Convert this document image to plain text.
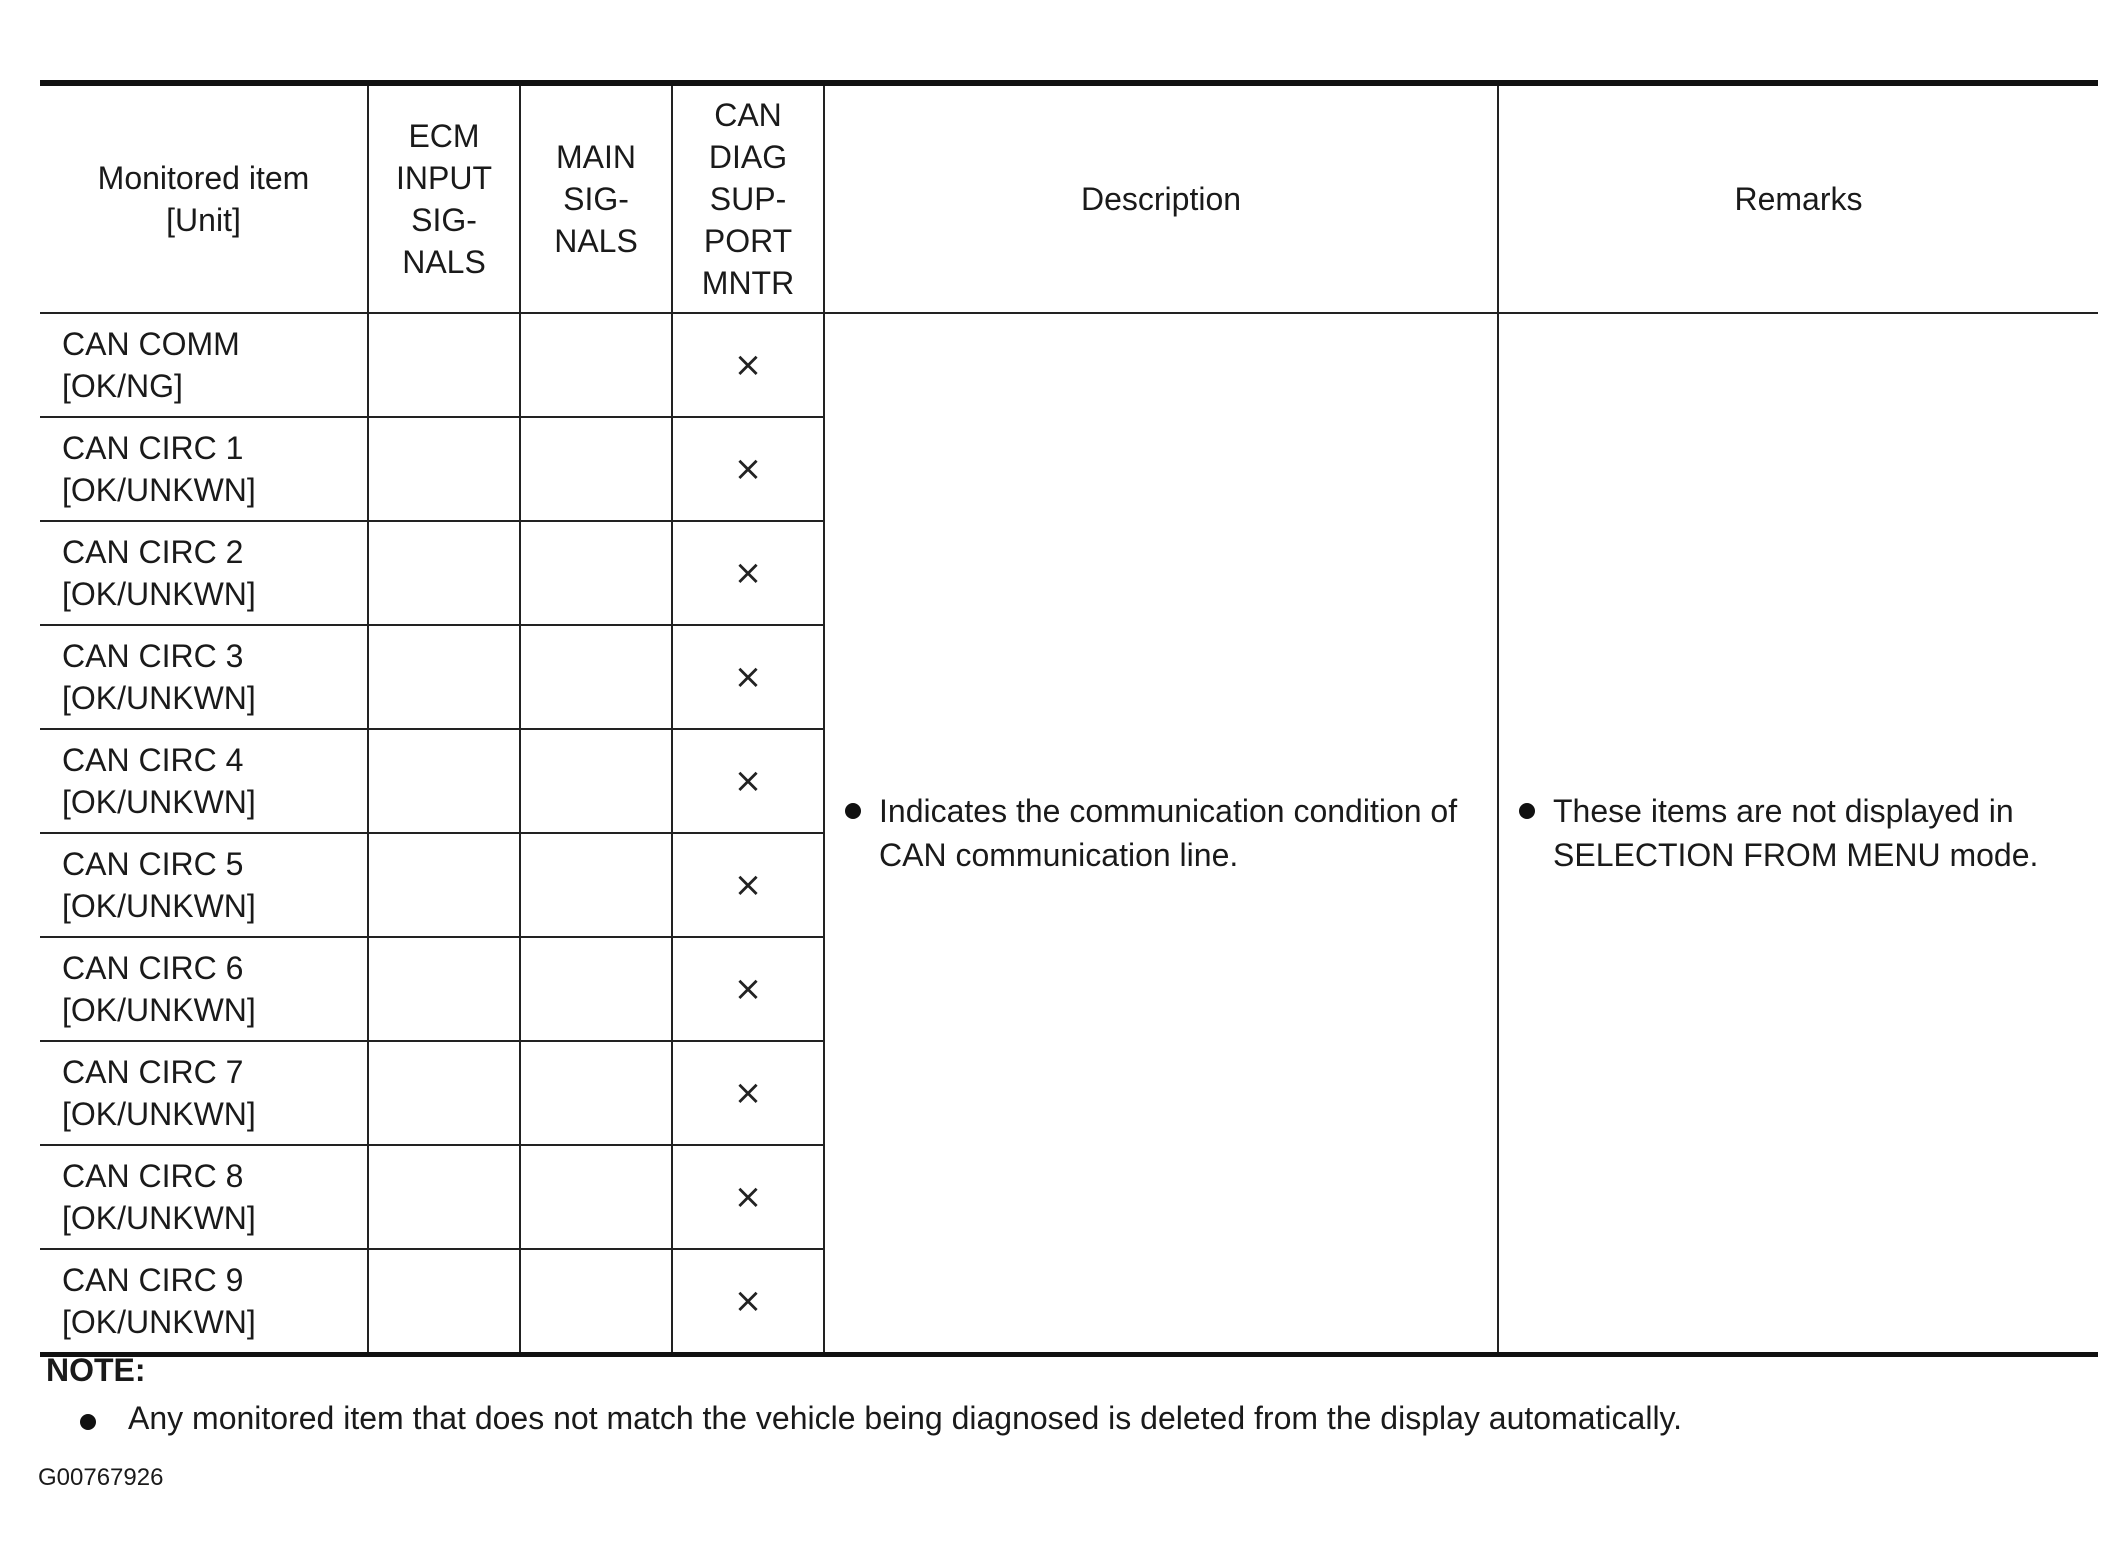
Monitored item
[Unit]	ECM
INPUT
SIG-
NALS	MAIN
SIG-
NALS	CAN
DIAG
SUP-
PORT
MNTR	Description	Remarks
CAN COMM
[OK/NG]			×	Indicates the communication condition of CAN communication line.	These items are not displayed in SELECTION FROM MENU mode.

CAN CIRC 1
[OK/UNKWN]			×		
CAN CIRC 2
[OK/UNKWN]			×		
CAN CIRC 3
[OK/UNKWN]			×		
CAN CIRC 4
[OK/UNKWN]			×		
CAN CIRC 5
[OK/UNKWN]			×		
CAN CIRC 6
[OK/UNKWN]			×		
CAN CIRC 7
[OK/UNKWN]			×		
CAN CIRC 8
[OK/UNKWN]			×		
CAN CIRC 9
[OK/UNKWN]			×		
NOTE:
Any monitored item that does not match the vehicle being diagnosed is deleted from the display automatically.
G00767926
